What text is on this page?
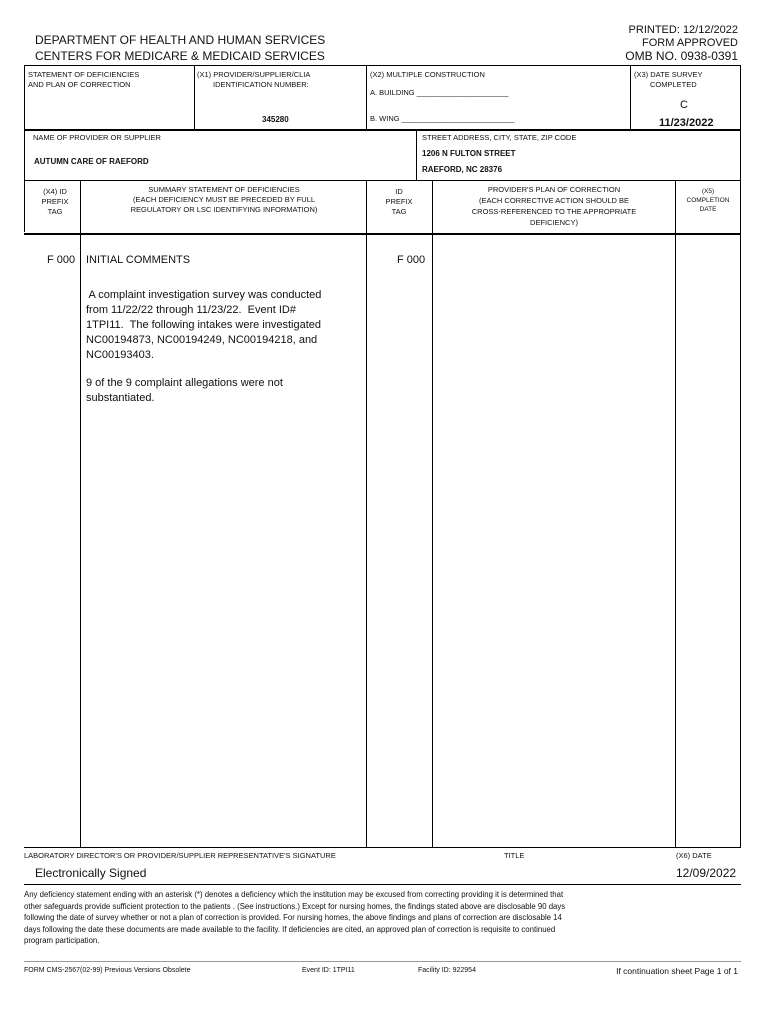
DEPARTMENT OF HEALTH AND HUMAN SERVICES
CENTERS FOR MEDICARE & MEDICAID SERVICES
PRINTED: 12/12/2022
FORM APPROVED
OMB NO. 0938-0391
STATEMENT OF DEFICIENCIES
AND PLAN OF CORRECTION
(X1) PROVIDER/SUPPLIER/CLIA
IDENTIFICATION NUMBER:
345280
(X2) MULTIPLE CONSTRUCTION
A. BUILDING ______________________
B. WING ___________________________
(X3) DATE SURVEY
COMPLETED
C
11/23/2022
NAME OF PROVIDER OR SUPPLIER
AUTUMN CARE OF RAEFORD
STREET ADDRESS, CITY, STATE, ZIP CODE
1206 N FULTON STREET
RAEFORD, NC 28376
(X4) ID
PREFIX
TAG
SUMMARY STATEMENT OF DEFICIENCIES
(EACH DEFICIENCY MUST BE PRECEDED BY FULL
REGULATORY OR LSC IDENTIFYING INFORMATION)
ID
PREFIX
TAG
PROVIDER'S PLAN OF CORRECTION
(EACH CORRECTIVE ACTION SHOULD BE
CROSS-REFERENCED TO THE APPROPRIATE
DEFICIENCY)
(X5)
COMPLETION
DATE
F 000 INITIAL COMMENTS	F 000
A complaint investigation survey was conducted
from 11/22/22 through 11/23/22.  Event ID#
1TPI11.  The following intakes were investigated
NC00194873, NC00194249, NC00194218, and
NC00193403.
9 of the 9 complaint allegations were not
substantiated.
LABORATORY DIRECTOR'S OR PROVIDER/SUPPLIER REPRESENTATIVE'S SIGNATURE
Electronically Signed
TITLE	(X6) DATE
12/09/2022
Any deficiency statement ending with an asterisk (*) denotes a deficiency which the institution may be excused from correcting providing it is determined that
other safeguards provide sufficient protection to the patients . (See instructions.) Except for nursing homes, the findings stated above are disclosable 90 days
following the date of survey whether or not a plan of correction is provided. For nursing homes, the above findings and plans of correction are disclosable 14
days following the date these documents are made available to the facility. If deficiencies are cited, an approved plan of correction is requisite to continued
program participation.
FORM CMS-2567(02-99) Previous Versions Obsolete	Event ID: 1TPI11	Facility ID: 922954	If continuation sheet Page 1 of 1
